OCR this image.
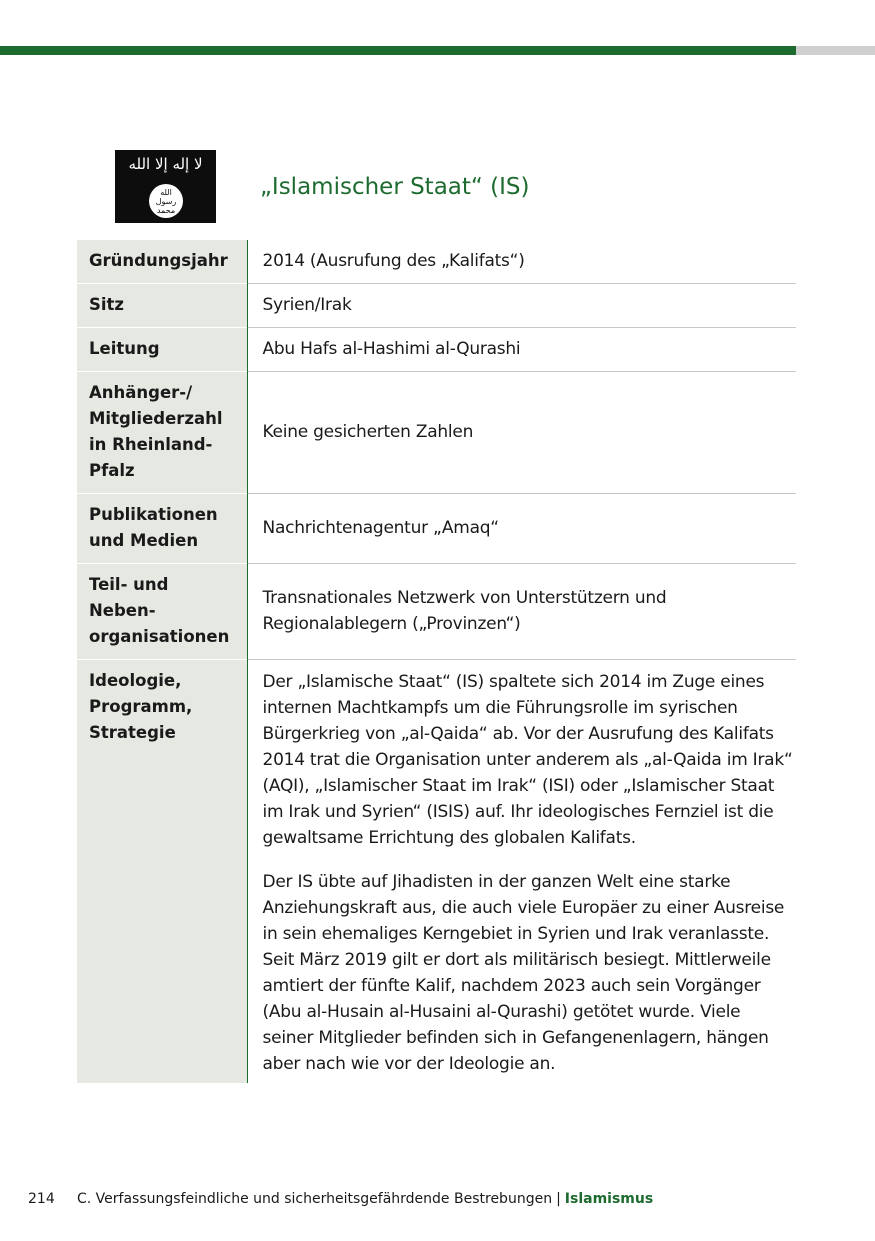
لا إله إلا الله
الله
رسول
محمد
„Islamischer Staat“ (IS)
Gründungsjahr	2014 (Ausrufung des „Kalifats“)
Sitz	Syrien/Irak
Leitung	Abu Hafs al-Hashimi al-Qurashi
Anhänger-/ Mitgliederzahl in Rheinland-Pfalz	Keine gesicherten Zahlen
Publikationen und Medien	Nachrichtenagentur „Amaq“
Teil- und Neben-organisationen	Transnationales Netzwerk von Unterstützern und Regionalablegern („Provinzen“)
Ideologie, Programm, Strategie	Der „Islamische Staat“ (IS) spaltete sich 2014 im Zuge eines internen Machtkampfs um die Führungsrolle im syrischen Bürgerkrieg von „al-Qaida“ ab. Vor der Ausrufung des Kalifats 2014 trat die Organisation unter anderem als „al-Qaida im Irak“ (AQI), „Islamischer Staat im Irak“ (ISI) oder „Islamischer Staat im Irak und Syrien“ (ISIS) auf. Ihr ideologisches Fernziel ist die gewaltsame Errichtung des globalen Kalifats.

Der IS übte auf Jihadisten in der ganzen Welt eine starke Anziehungskraft aus, die auch viele Europäer zu einer Ausreise in sein ehemaliges Kerngebiet in Syrien und Irak veranlasste. Seit März 2019 gilt er dort als militärisch besiegt. Mittlerweile amtiert der fünfte Kalif, nachdem 2023 auch sein Vorgänger (Abu al-Husain al-Husaini al-Qurashi) getötet wurde. Viele seiner Mitglieder befinden sich in Gefangenenlagern, hängen aber nach wie vor der Ideologie an.

214 C. Verfassungsfeindliche und sicherheitsgefährdende Bestrebungen | Islamismus
